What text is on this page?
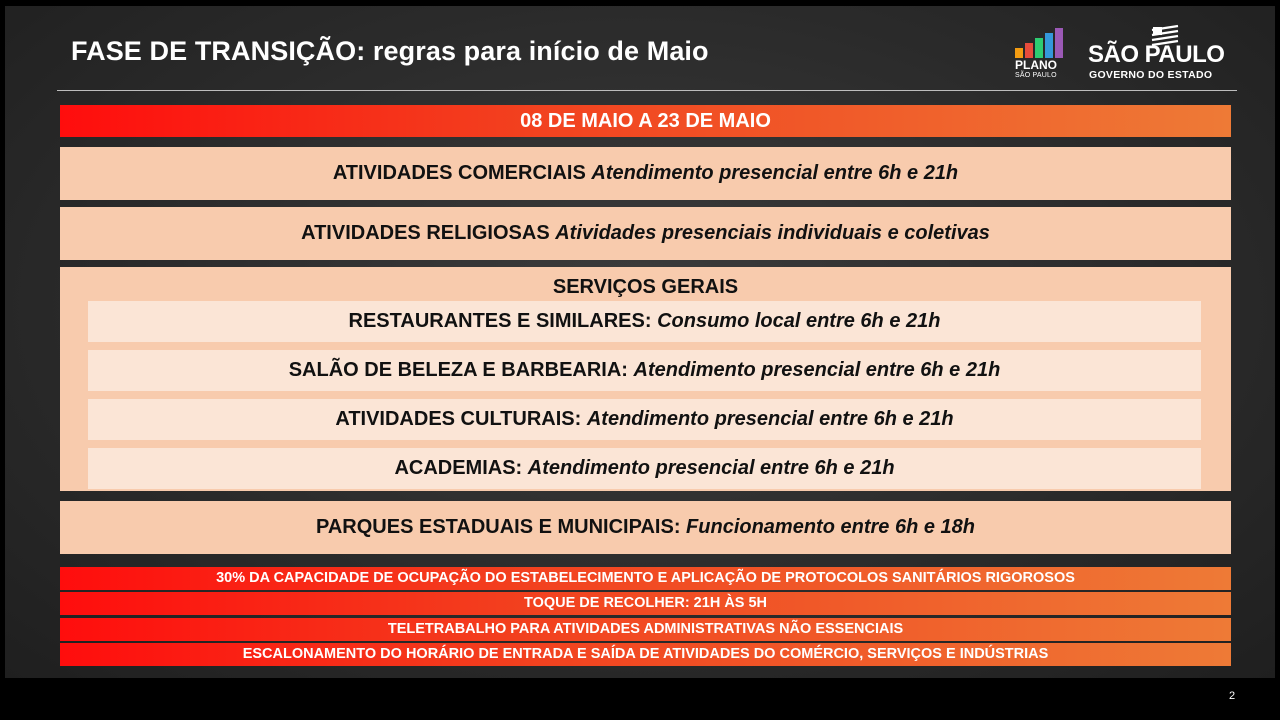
FASE DE TRANSIÇÃO: regras para início de Maio	PLANO
SÃO PAULO
SÃO PAULO
GOVERNO DO ESTADO
08 DE MAIO A 23 DE MAIO
ATIVIDADES COMERCIAIS Atendimento presencial entre 6h e 21h
ATIVIDADES RELIGIOSAS Atividades presenciais individuais e coletivas
SERVIÇOS GERAIS
RESTAURANTES E SIMILARES: Consumo local entre 6h e 21h
SALÃO DE BELEZA E BARBEARIA: Atendimento presencial entre 6h e 21h
ATIVIDADES CULTURAIS: Atendimento presencial entre 6h e 21h
ACADEMIAS: Atendimento presencial entre 6h e 21h
PARQUES ESTADUAIS E MUNICIPAIS: Funcionamento entre 6h e 18h
30% DA CAPACIDADE DE OCUPAÇÃO DO ESTABELECIMENTO E APLICAÇÃO DE PROTOCOLOS SANITÁRIOS RIGOROSOS
TOQUE DE RECOLHER: 21H ÀS 5H
TELETRABALHO PARA ATIVIDADES ADMINISTRATIVAS NÃO ESSENCIAIS
ESCALONAMENTO DO HORÁRIO DE ENTRADA E SAÍDA DE ATIVIDADES DO COMÉRCIO, SERVIÇOS E INDÚSTRIAS
2
